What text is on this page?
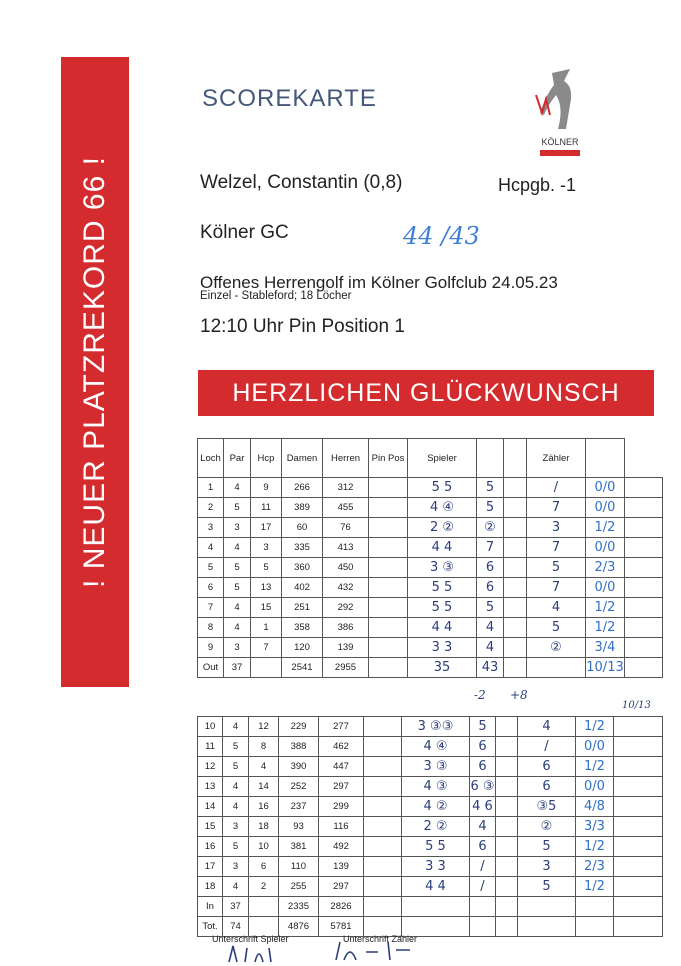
! NEUER PLATZREKORD 66 !
SCOREKARTE
KÖLNER
Welzel, Constantin (0,8)	Hcpgb. -1
Kölner GC	44 /43
Offenes Herrengolf im Kölner Golfclub 24.05.23
Einzel - Stableford; 18 Löcher
12:10 Uhr Pin Position 1
HERZLICHEN GLÜCKWUNSCH
Loch	Par	Hcp	Damen	Herren	Pin Pos	Spieler			Zähler		
1	4	9	266	312		5 5	5		/	0/0	
2	5	11	389	455		4 ④	5		7	0/0	
3	3	17	60	76		2 ②	②		3	1/2	
4	4	3	335	413		4 4	7		7	0/0	
5	5	5	360	450		3 ③	6		5	2/3	
6	5	13	402	432		5 5	6		7	0/0	
7	4	15	251	292		5 5	5		4	1/2	
8	4	1	358	386		4 4	4		5	1/2	
9	3	7	120	139		3 3	4		②	3/4	
Out	37		2541	2955		35	43			10/13	
10	4	12	229	277		3 ③③	5		4	1/2	
11	5	8	388	462		4 ④	6		/	0/0	
12	5	4	390	447		3 ③	6		6	1/2	
13	4	14	252	297		4 ③	6 ③		6	0/0	
14	4	16	237	299		4 ②	4 6		③5	4/8	
15	3	18	93	116		2 ②	4		②	3/3	
16	5	10	381	492		5 5	6		5	1/2	
17	3	6	110	139		3 3	/		3	2/3	
18	4	2	255	297		4 4	/		5	1/2	
In	37		2335	2826							
Tot.	74		4876	5781							
-2 +8
10/13
Unterschrift Spieler	Unterschrift Zähler
